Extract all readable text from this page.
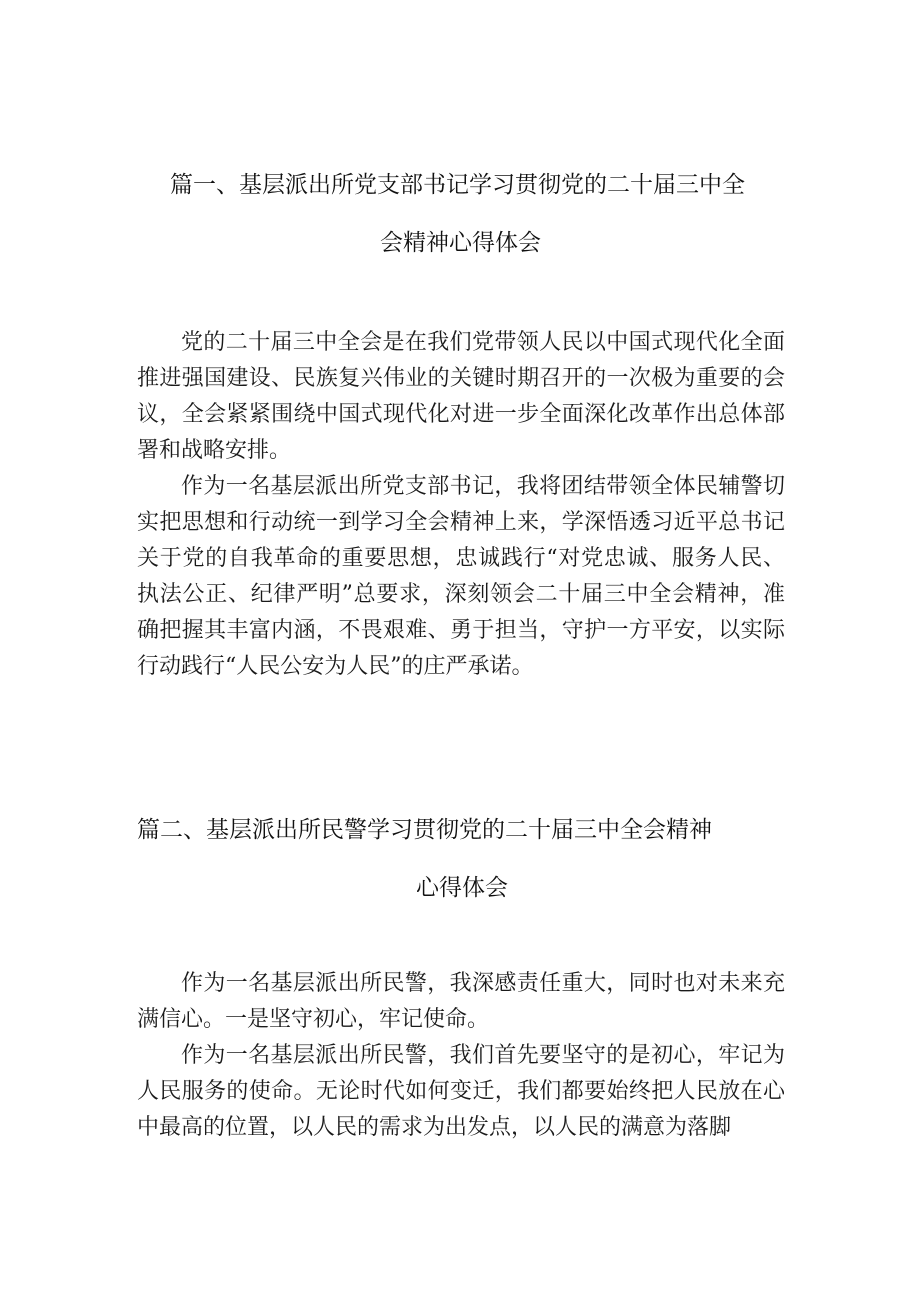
篇一、基层派出所党支部书记学习贯彻党的二十届三中全
会精神心得体会

党的二十届三中全会是在我们党带领人民以中国式现代化全面推进强国建设、民族复兴伟业的关键时期召开的一次极为重要的会议，全会紧紧围绕中国式现代化对进一步全面深化改革作出总体部署和战略安排。

作为一名基层派出所党支部书记，我将团结带领全体民辅警切实把思想和行动统一到学习全会精神上来，学深悟透习近平总书记关于党的自我革命的重要思想，忠诚践行“对党忠诚、服务人民、执法公正、纪律严明”总要求，深刻领会二十届三中全会精神，准确把握其丰富内涵，不畏艰难、勇于担当，守护一方平安，以实际行动践行“人民公安为人民”的庄严承诺。

篇二、基层派出所民警学习贯彻党的二十届三中全会精神
心得体会

作为一名基层派出所民警，我深感责任重大，同时也对未来充满信心。一是坚守初心，牢记使命。

作为一名基层派出所民警，我们首先要坚守的是初心，牢记为人民服务的使命。无论时代如何变迁，我们都要始终把人民放在心中最高的位置，以人民的需求为出发点，以人民的满意为落脚
